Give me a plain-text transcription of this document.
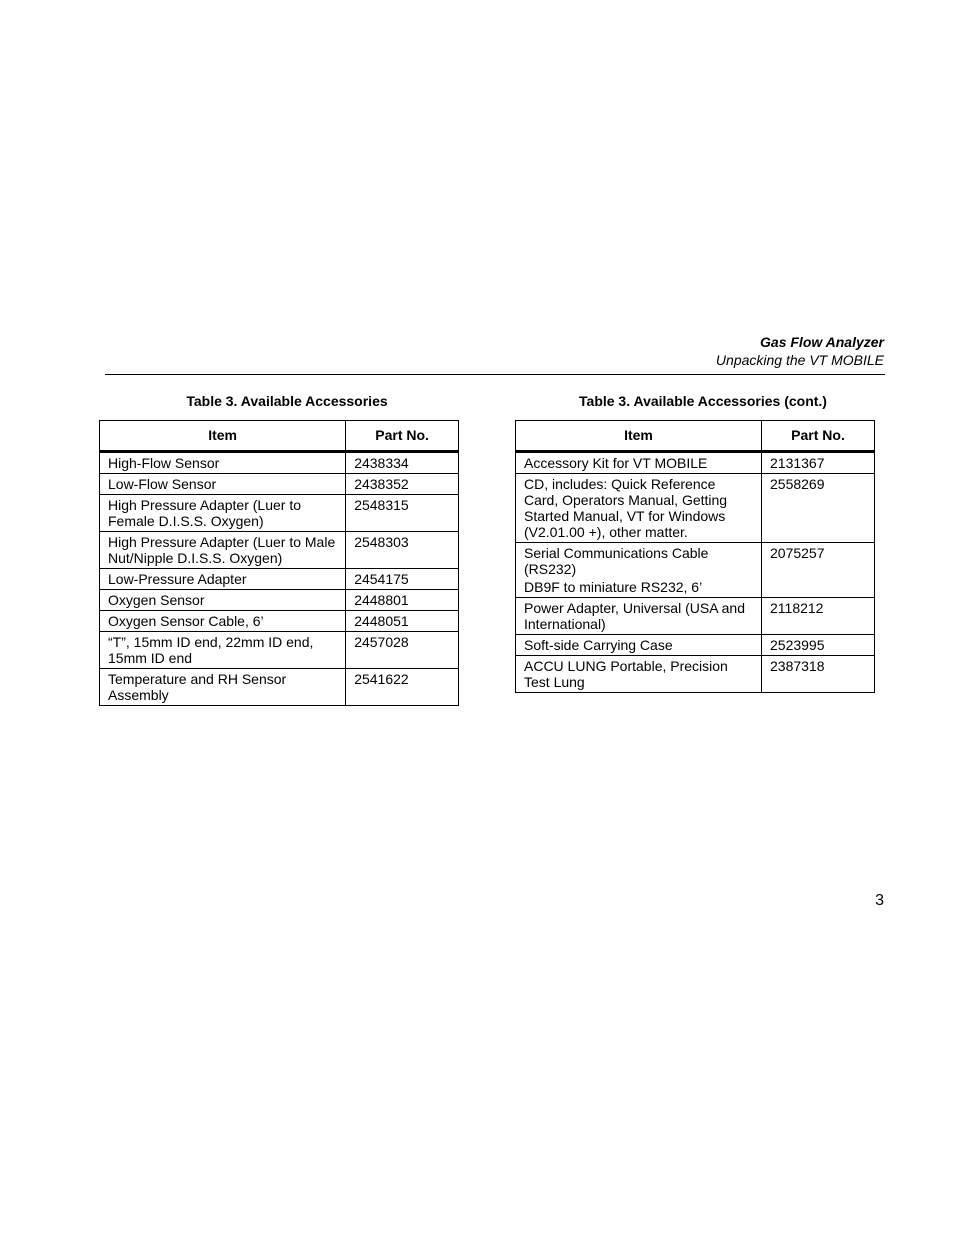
Gas Flow Analyzer
Unpacking the VT MOBILE
Table 3. Available Accessories	Table 3. Available Accessories (cont.)
Item	Part No.
High-Flow Sensor	2438334
Low-Flow Sensor	2438352
High Pressure Adapter (Luer to Female D.I.S.S. Oxygen)	2548315
High Pressure Adapter (Luer to Male Nut/Nipple D.I.S.S. Oxygen)	2548303
Low-Pressure Adapter	2454175
Oxygen Sensor	2448801
Oxygen Sensor Cable, 6’	2448051
“T”, 15mm ID end, 22mm ID end, 15mm ID end	2457028
Temperature and RH Sensor Assembly	2541622
Item	Part No.
Accessory Kit for VT MOBILE	2131367
CD, includes: Quick Reference Card, Operators Manual, Getting Started Manual, VT for Windows (V2.01.00 +), other matter.	2558269
Serial Communications Cable (RS232)
DB9F to miniature RS232, 6’	2075257
Power Adapter, Universal (USA and International)	2118212
Soft-side Carrying Case	2523995
ACCU LUNG Portable, Precision Test Lung	2387318
3
